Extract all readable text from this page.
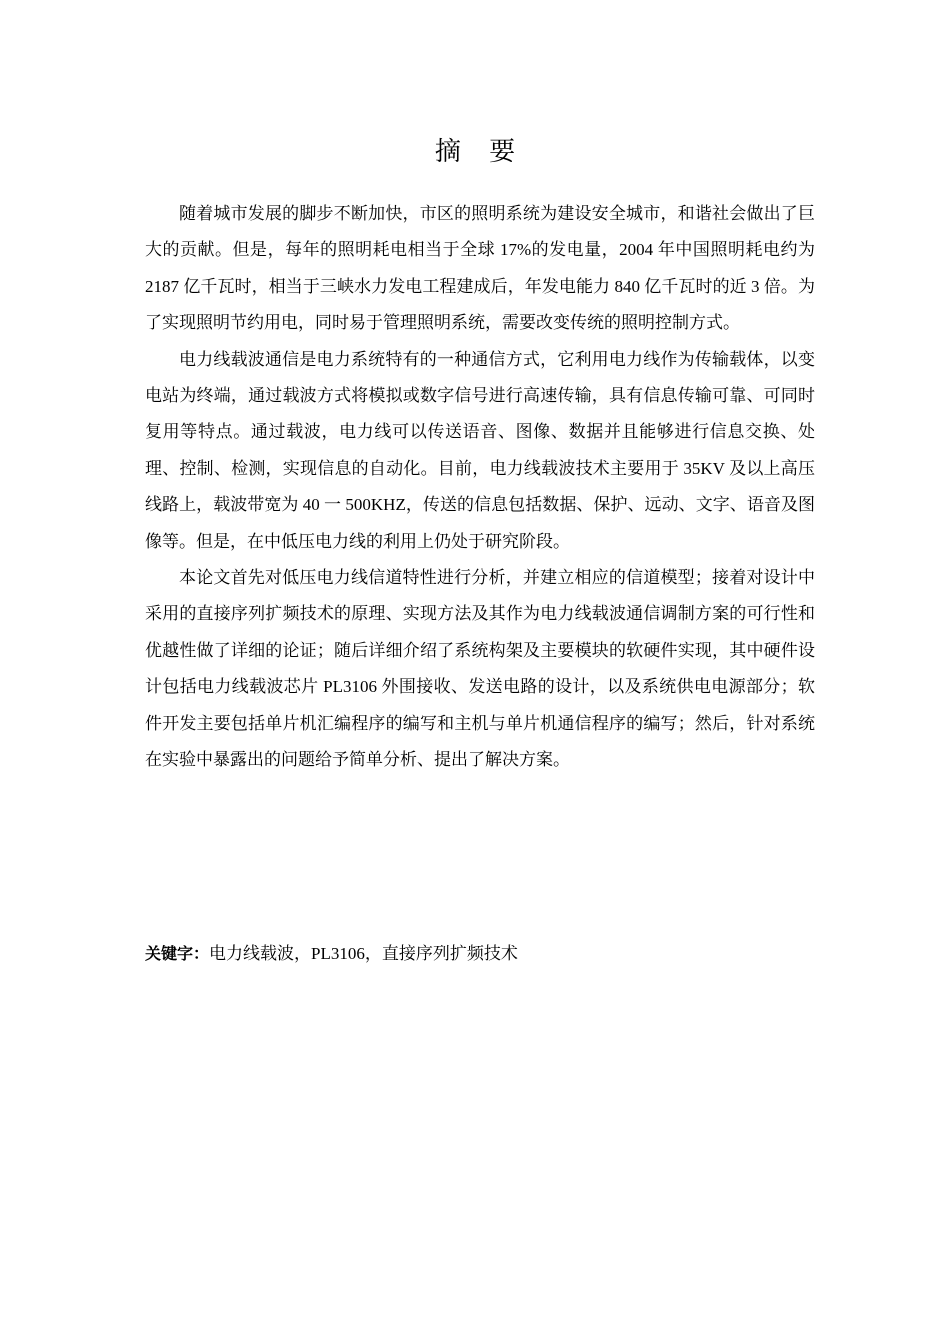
摘 要

随着城市发展的脚步不断加快，市区的照明系统为建设安全城市，和谐社会做出了巨大的贡献。但是，每年的照明耗电相当于全球 17%的发电量，2004 年中国照明耗电约为 2187 亿千瓦时，相当于三峡水力发电工程建成后，年发电能力 840 亿千瓦时的近 3 倍。为了实现照明节约用电，同时易于管理照明系统，需要改变传统的照明控制方式。

电力线载波通信是电力系统特有的一种通信方式，它利用电力线作为传输载体，以变电站为终端，通过载波方式将模拟或数字信号进行高速传输，具有信息传输可靠、可同时复用等特点。通过载波，电力线可以传送语音、图像、数据并且能够进行信息交换、处理、控制、检测，实现信息的自动化。目前，电力线载波技术主要用于 35KV 及以上高压线路上，载波带宽为 40 一 500KHZ，传送的信息包括数据、保护、远动、文字、语音及图像等。但是，在中低压电力线的利用上仍处于研究阶段。

本论文首先对低压电力线信道特性进行分析，并建立相应的信道模型；接着对设计中采用的直接序列扩频技术的原理、实现方法及其作为电力线载波通信调制方案的可行性和优越性做了详细的论证；随后详细介绍了系统构架及主要模块的软硬件实现，其中硬件设计包括电力线载波芯片 PL3106 外围接收、发送电路的设计，以及系统供电电源部分；软件开发主要包括单片机汇编程序的编写和主机与单片机通信程序的编写；然后，针对系统在实验中暴露出的问题给予简单分析、提出了解决方案。

关键字：电力线载波，PL3106，直接序列扩频技术
